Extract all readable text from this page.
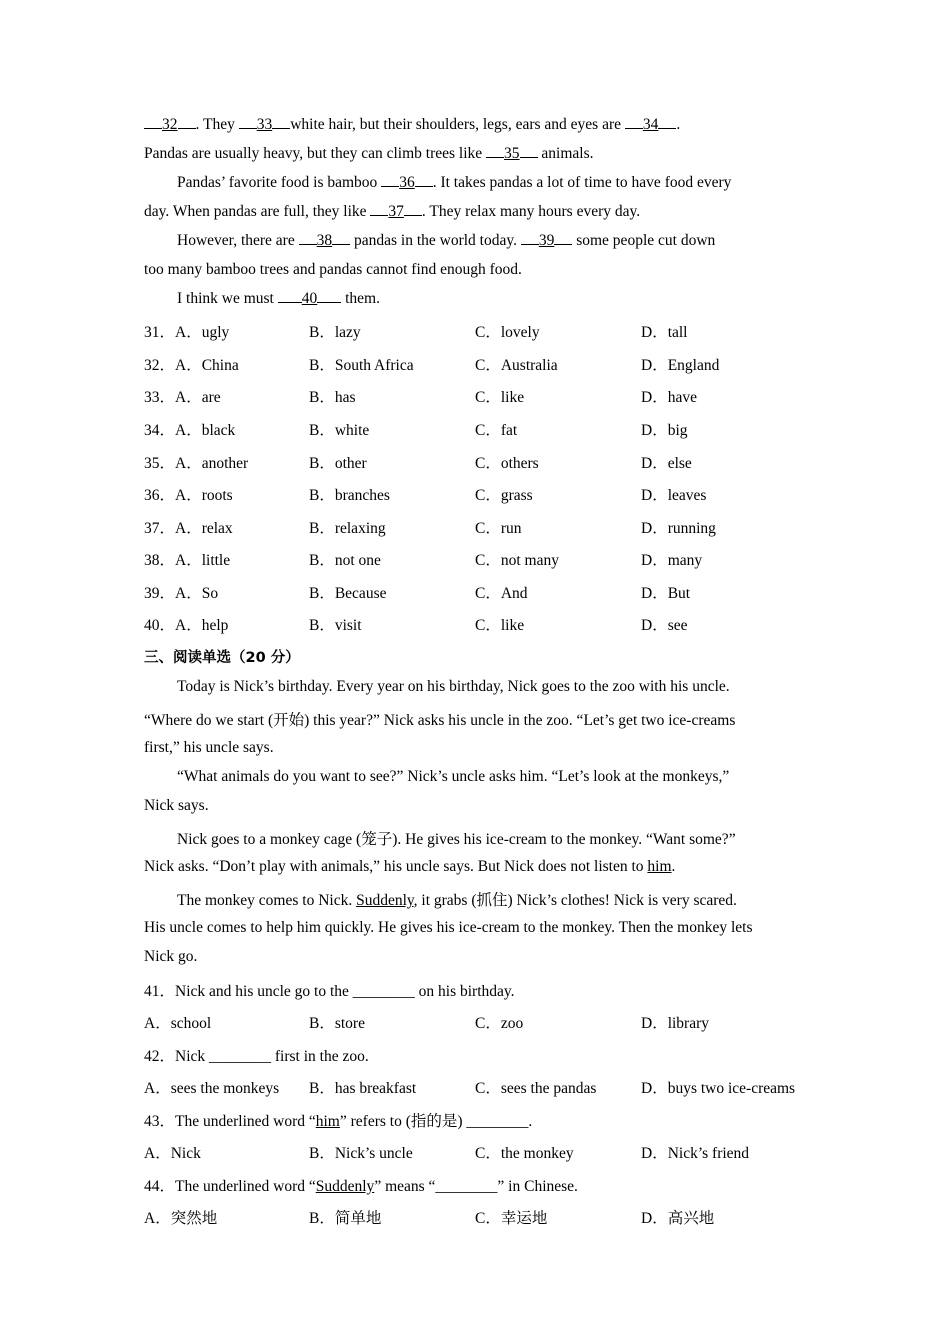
32 . They 33 white hair, but their shoulders, legs, ears and eyes are 34 .
Pandas are usually heavy, but they can climb trees like 35 animals.
Pandas’ favorite food is bamboo 36 . It takes pandas a lot of time to have food every
day. When pandas are full, they like 37 . They relax many hours every day.
However, there are 38 pandas in the world today. 39 some people cut down
too many bamboo trees and pandas cannot find enough food.
I think we must 40 them.
31．A．ugly	B．lazy	C．lovely	D．tall
32．A．China	B．South Africa	C．Australia	D．England
33．A．are	B．has	C．like	D．have
34．A．black	B．white	C．fat	D．big
35．A．another	B．other	C．others	D．else
36．A．roots	B．branches	C．grass	D．leaves
37．A．relax	B．relaxing	C．run	D．running
38．A．little	B．not one	C．not many	D．many
39．A．So	B．Because	C．And	D．But
40．A．help	B．visit	C．like	D．see
三、阅读单选（20 分）
Today is Nick’s birthday. Every year on his birthday, Nick goes to the zoo with his uncle.
“Where do we start (开始) this year?” Nick asks his uncle in the zoo. “Let’s get two ice-creams
first,” his uncle says.
“What animals do you want to see?” Nick’s uncle asks him. “Let’s look at the monkeys,”
Nick says.
Nick goes to a monkey cage (笼子). He gives his ice-cream to the monkey. “Want some?”
Nick asks. “Don’t play with animals,” his uncle says. But Nick does not listen to him.
The monkey comes to Nick. Suddenly, it grabs (抓住) Nick’s clothes! Nick is very scared.
His uncle comes to help him quickly. He gives his ice-cream to the monkey. Then the monkey lets
Nick go.
41．Nick and his uncle go to the ________ on his birthday.
A．school	B．store	C．zoo	D．library
42．Nick ________ first in the zoo.
A．sees the monkeys B．has breakfast	C．sees the pandas	D．buys two ice-creams
43．The underlined word “him” refers to (指的是) ________.
A．Nick	B．Nick’s uncle	C．the monkey	D．Nick’s friend
44．The underlined word “Suddenly” means “________” in Chinese.
A．突然地	B．简单地	C．幸运地	D．高兴地
